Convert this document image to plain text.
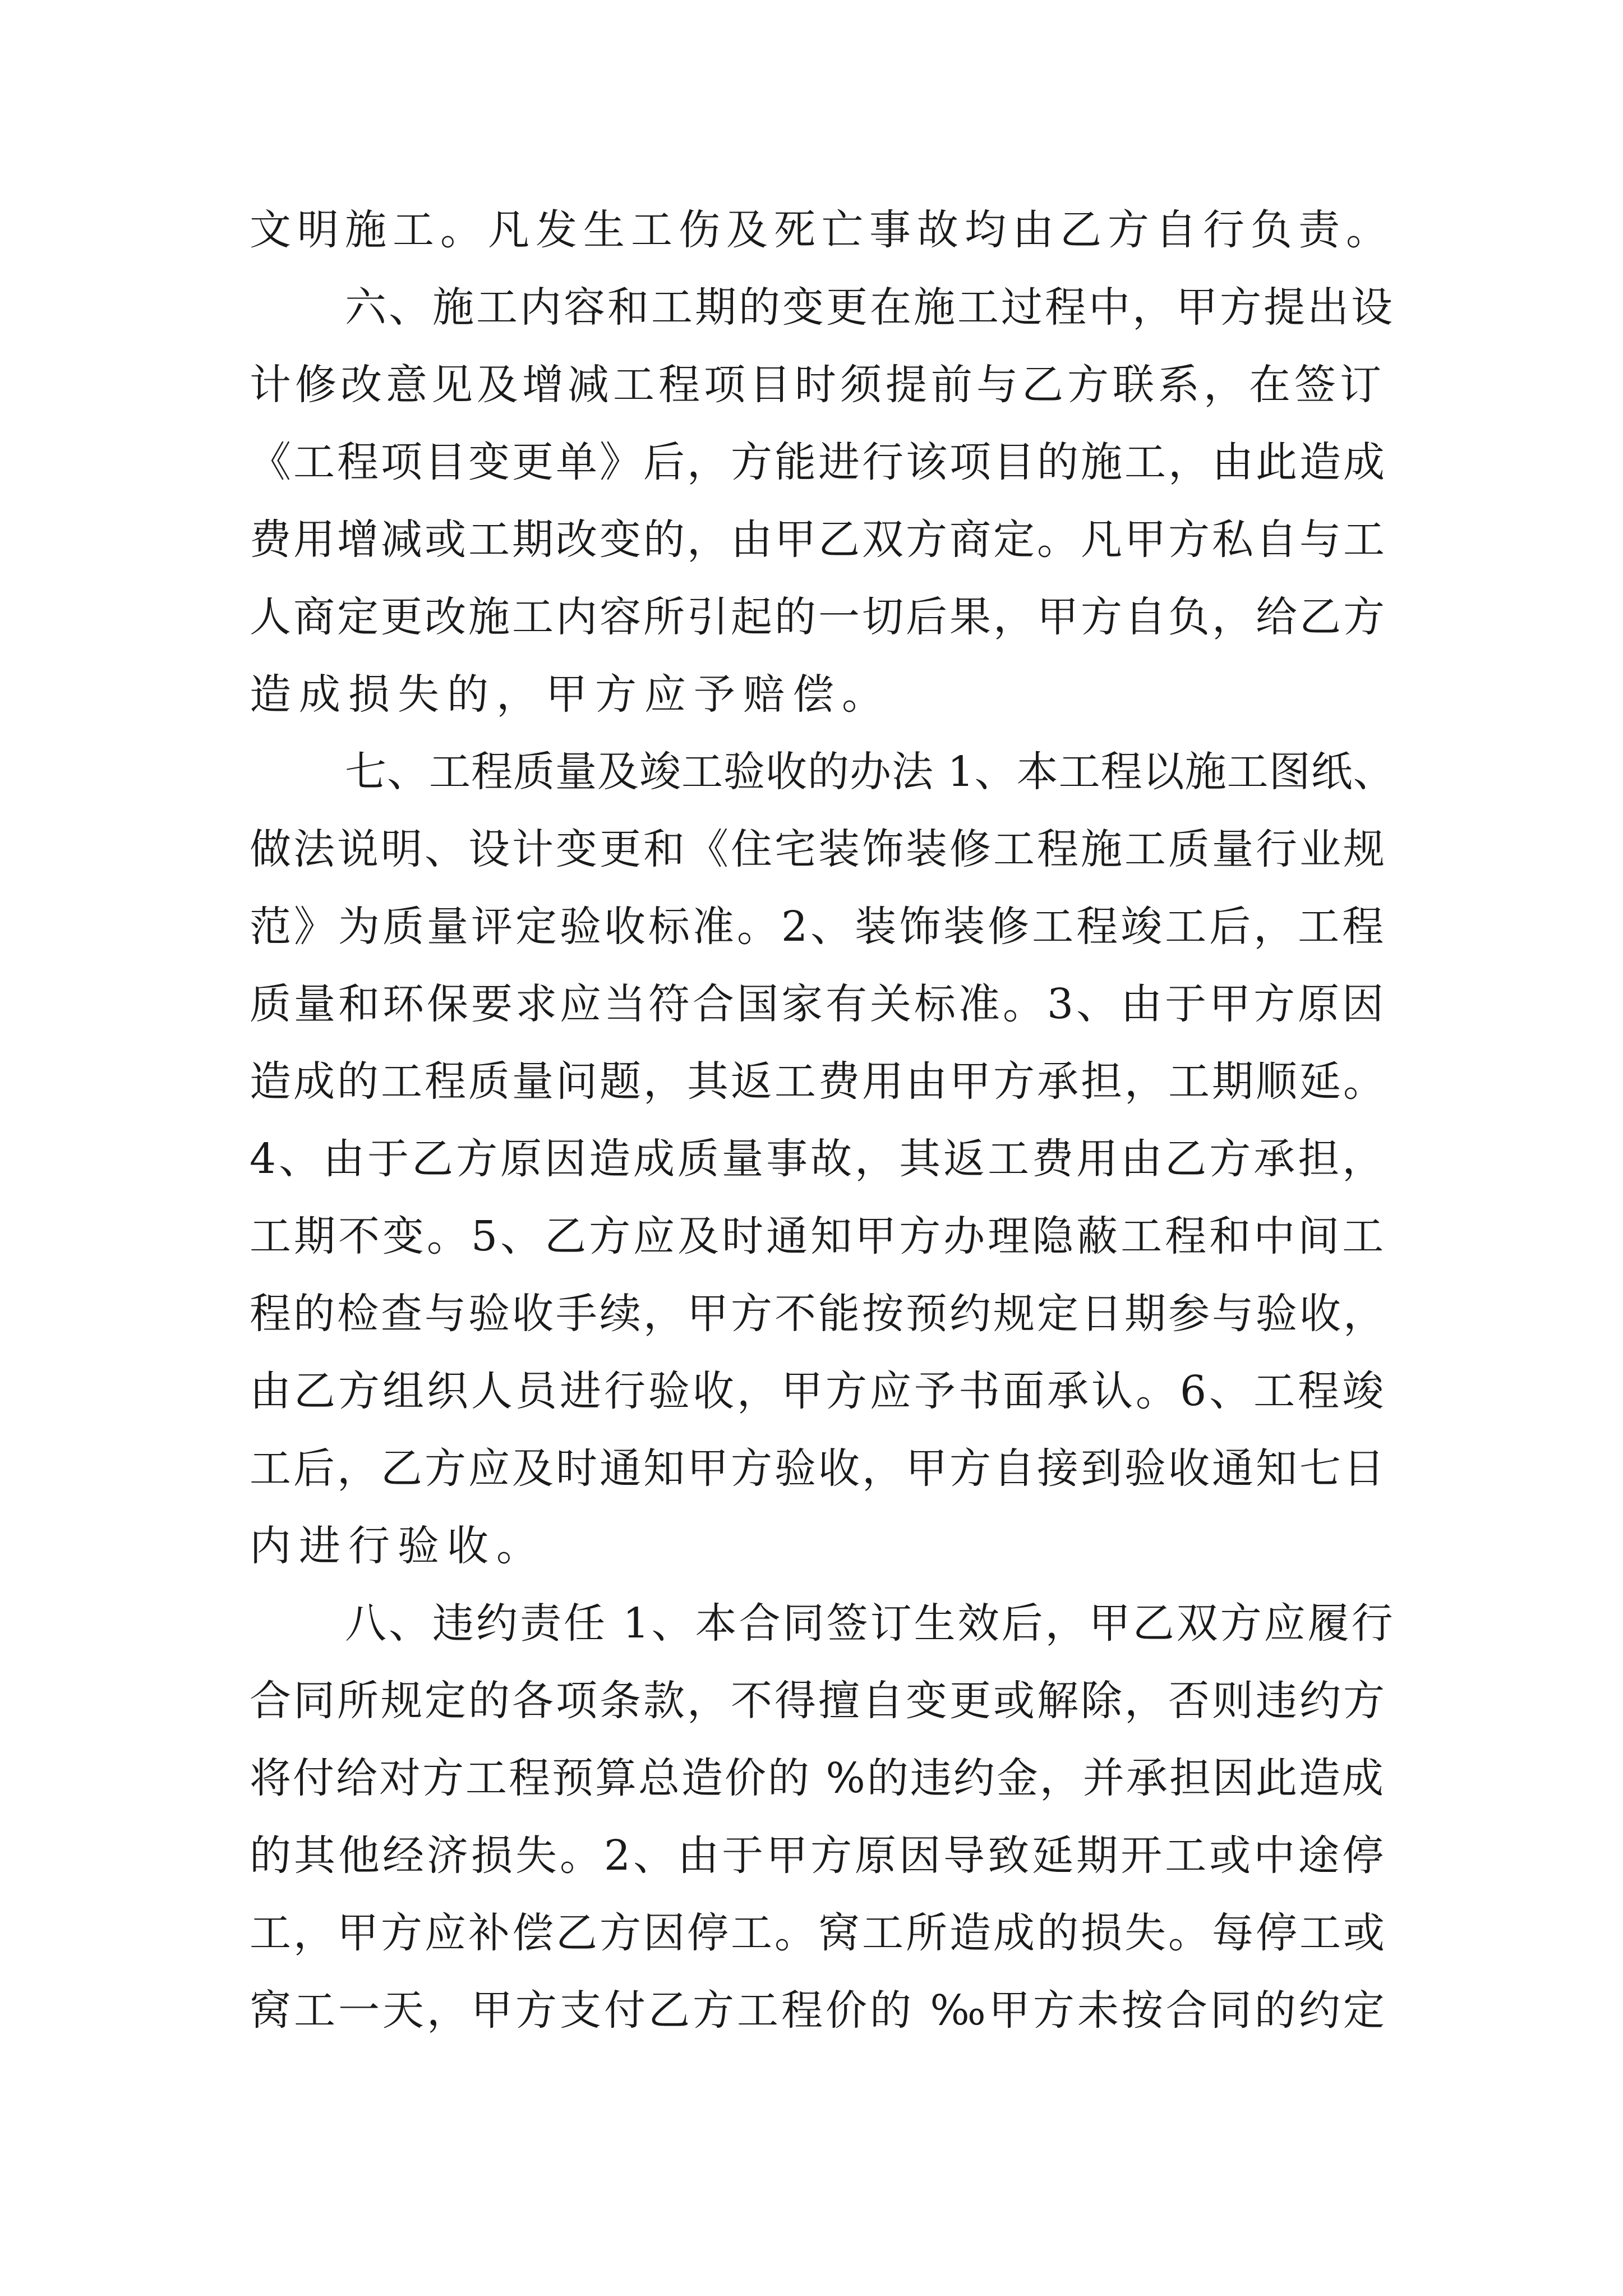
文明施工。凡发生工伤及死亡事故均由乙方自行负责。
六、施工内容和工期的变更在施工过程中，甲方提出设
计修改意见及增减工程项目时须提前与乙方联系，在签订
《工程项目变更单》后，方能进行该项目的施工，由此造成
费用增减或工期改变的，由甲乙双方商定。凡甲方私自与工
人商定更改施工内容所引起的一切后果，甲方自负，给乙方
造成损失的，甲方应予赔偿。
七、工程质量及竣工验收的办法 1、本工程以施工图纸、
做法说明、设计变更和《住宅装饰装修工程施工质量行业规
范》为质量评定验收标准。2、装饰装修工程竣工后，工程
质量和环保要求应当符合国家有关标准。3、由于甲方原因
造成的工程质量问题，其返工费用由甲方承担，工期顺延。
4、由于乙方原因造成质量事故，其返工费用由乙方承担，
工期不变。5、乙方应及时通知甲方办理隐蔽工程和中间工
程的检查与验收手续，甲方不能按预约规定日期参与验收，
由乙方组织人员进行验收，甲方应予书面承认。6、工程竣
工后，乙方应及时通知甲方验收，甲方自接到验收通知七日
内进行验收。
八、违约责任 1、本合同签订生效后，甲乙双方应履行
合同所规定的各项条款，不得擅自变更或解除，否则违约方
将付给对方工程预算总造价的 %的违约金，并承担因此造成
的其他经济损失。2、由于甲方原因导致延期开工或中途停
工，甲方应补偿乙方因停工。窝工所造成的损失。每停工或
窝工一天，甲方支付乙方工程价的 ‰甲方未按合同的约定
